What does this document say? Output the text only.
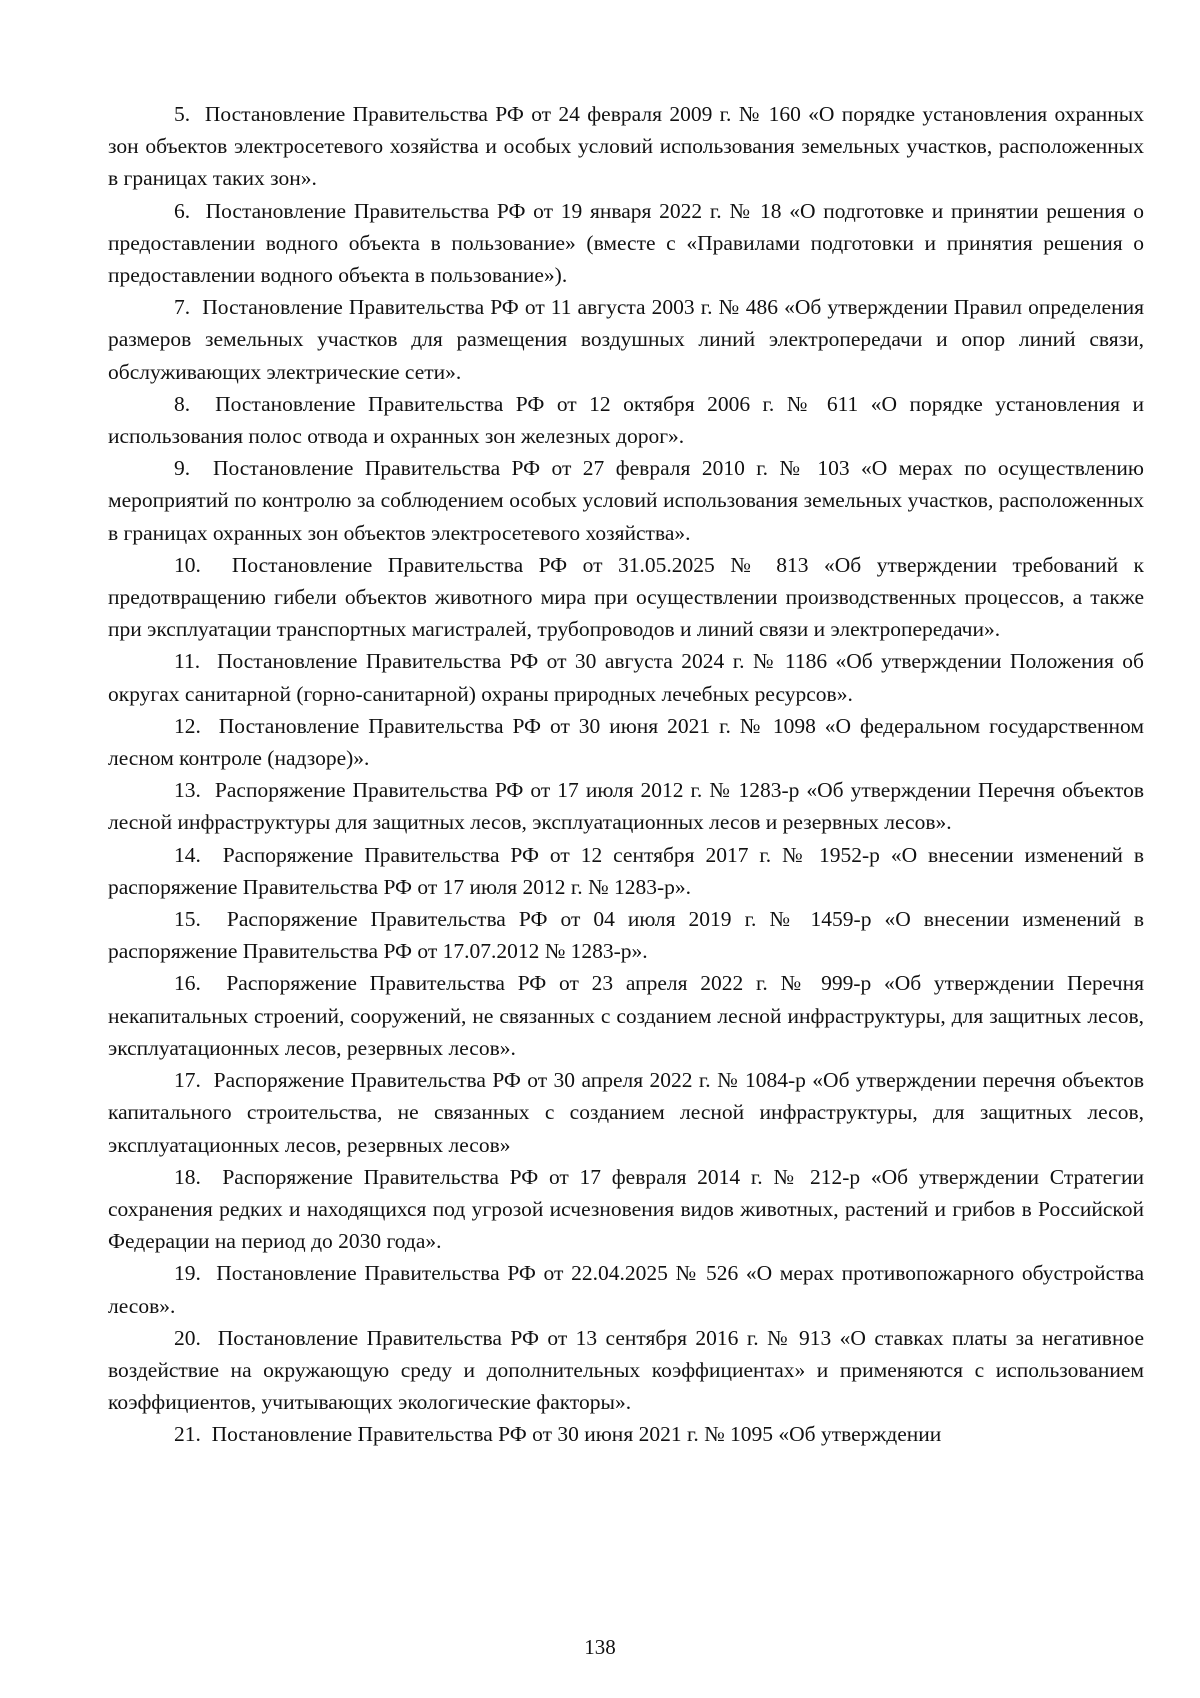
5. Постановление Правительства РФ от 24 февраля 2009 г. № 160 «О порядке установления охранных зон объектов электросетевого хозяйства и особых условий использования земельных участков, расположенных в границах таких зон».

6. Постановление Правительства РФ от 19 января 2022 г. № 18 «О подготовке и принятии решения о предоставлении водного объекта в пользование» (вместе с «Правилами подготовки и принятия решения о предоставлении водного объекта в пользование»).

7. Постановление Правительства РФ от 11 августа 2003 г. № 486 «Об утверждении Правил определения размеров земельных участков для размещения воздушных линий электропередачи и опор линий связи, обслуживающих электрические сети».

8. Постановление Правительства РФ от 12 октября 2006 г. № 611 «О порядке установления и использования полос отвода и охранных зон железных дорог».

9. Постановление Правительства РФ от 27 февраля 2010 г. № 103 «О мерах по осуществлению мероприятий по контролю за соблюдением особых условий использования земельных участков, расположенных в границах охранных зон объектов электросетевого хозяйства».

10. Постановление Правительства РФ от 31.05.2025 № 813 «Об утверждении требований к предотвращению гибели объектов животного мира при осуществлении производственных процессов, а также при эксплуатации транспортных магистралей, трубопроводов и линий связи и электропередачи».

11. Постановление Правительства РФ от 30 августа 2024 г. № 1186 «Об утверждении Положения об округах санитарной (горно-санитарной) охраны природных лечебных ресурсов».

12. Постановление Правительства РФ от 30 июня 2021 г. № 1098 «О федеральном государственном лесном контроле (надзоре)».

13. Распоряжение Правительства РФ от 17 июля 2012 г. № 1283-р «Об утверждении Перечня объектов лесной инфраструктуры для защитных лесов, эксплуатационных лесов и резервных лесов».

14. Распоряжение Правительства РФ от 12 сентября 2017 г. № 1952-р «О внесении изменений в распоряжение Правительства РФ от 17 июля 2012 г. № 1283-р».

15. Распоряжение Правительства РФ от 04 июля 2019 г. № 1459-р «О внесении изменений в распоряжение Правительства РФ от 17.07.2012 № 1283-р».

16. Распоряжение Правительства РФ от 23 апреля 2022 г. № 999-р «Об утверждении Перечня некапитальных строений, сооружений, не связанных с созданием лесной инфраструктуры, для защитных лесов, эксплуатационных лесов, резервных лесов».

17. Распоряжение Правительства РФ от 30 апреля 2022 г. № 1084-р «Об утверждении перечня объектов капитального строительства, не связанных с созданием лесной инфраструктуры, для защитных лесов, эксплуатационных лесов, резервных лесов»

18. Распоряжение Правительства РФ от 17 февраля 2014 г. № 212-р «Об утверждении Стратегии сохранения редких и находящихся под угрозой исчезновения видов животных, растений и грибов в Российской Федерации на период до 2030 года».

19. Постановление Правительства РФ от 22.04.2025 № 526 «О мерах противопожарного обустройства лесов».

20. Постановление Правительства РФ от 13 сентября 2016 г. № 913 «О ставках платы за негативное воздействие на окружающую среду и дополнительных коэффициентах» и применяются с использованием коэффициентов, учитывающих экологические факторы».

21. Постановление Правительства РФ от 30 июня 2021 г. № 1095 «Об утверждении

138
